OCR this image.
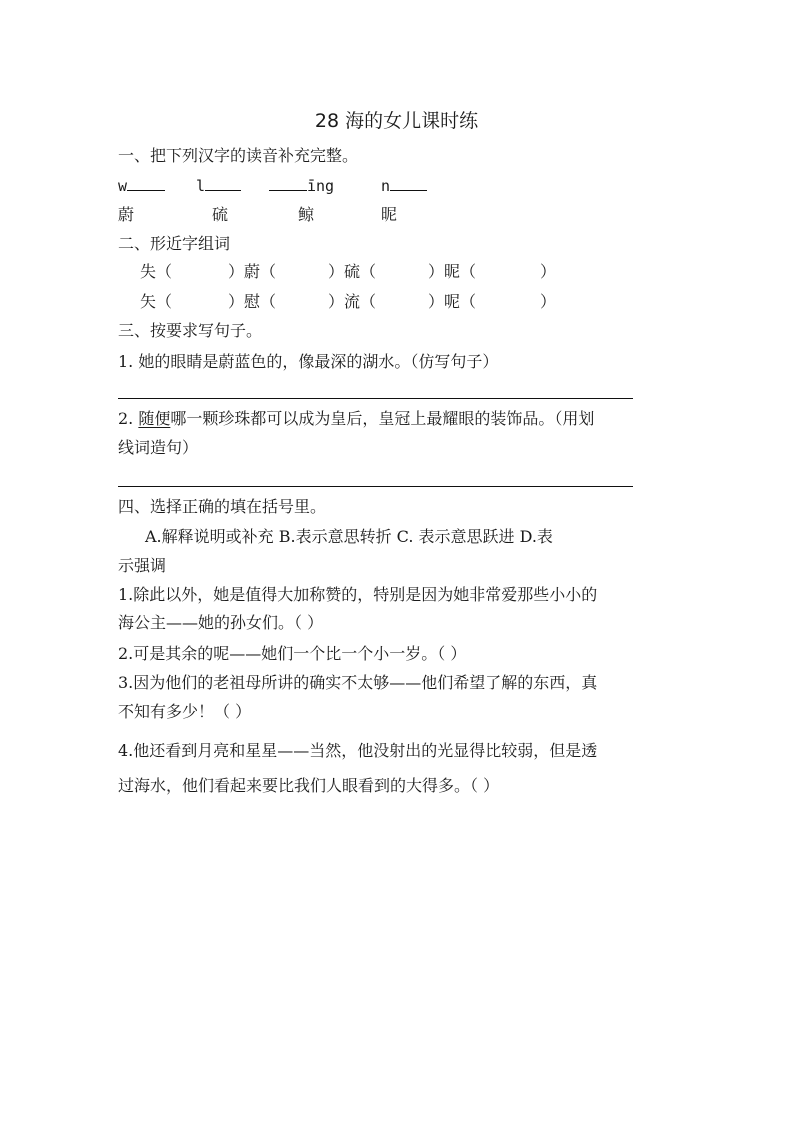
28 海的女儿课时练
一、把下列汉字的读音补充完整。
w	l	īng	n
蔚	硫	鲸	昵
二、形近字组词
失（	）蔚（	）硫（	）昵（	）
矢（	）慰（	）流（	）呢（	）
三、按要求写句子。
1. 她的眼睛是蔚蓝色的，像最深的湖水。（仿写句子）
2. 随便哪一颗珍珠都可以成为皇后，皇冠上最耀眼的装饰品。（用划
线词造句）
四、选择正确的填在括号里。
A.解释说明或补充 B.表示意思转折 C. 表示意思跃进 D.表
示强调
1.除此以外，她是值得大加称赞的，特别是因为她非常爱那些小小的
海公主——她的孙女们。（ ）
2.可是其余的呢——她们一个比一个小一岁。（ ）
3.因为他们的老祖母所讲的确实不太够——他们希望了解的东西，真
不知有多少！（ ）
4.他还看到月亮和星星——当然，他没射出的光显得比较弱，但是透
过海水，他们看起来要比我们人眼看到的大得多。（ ）
